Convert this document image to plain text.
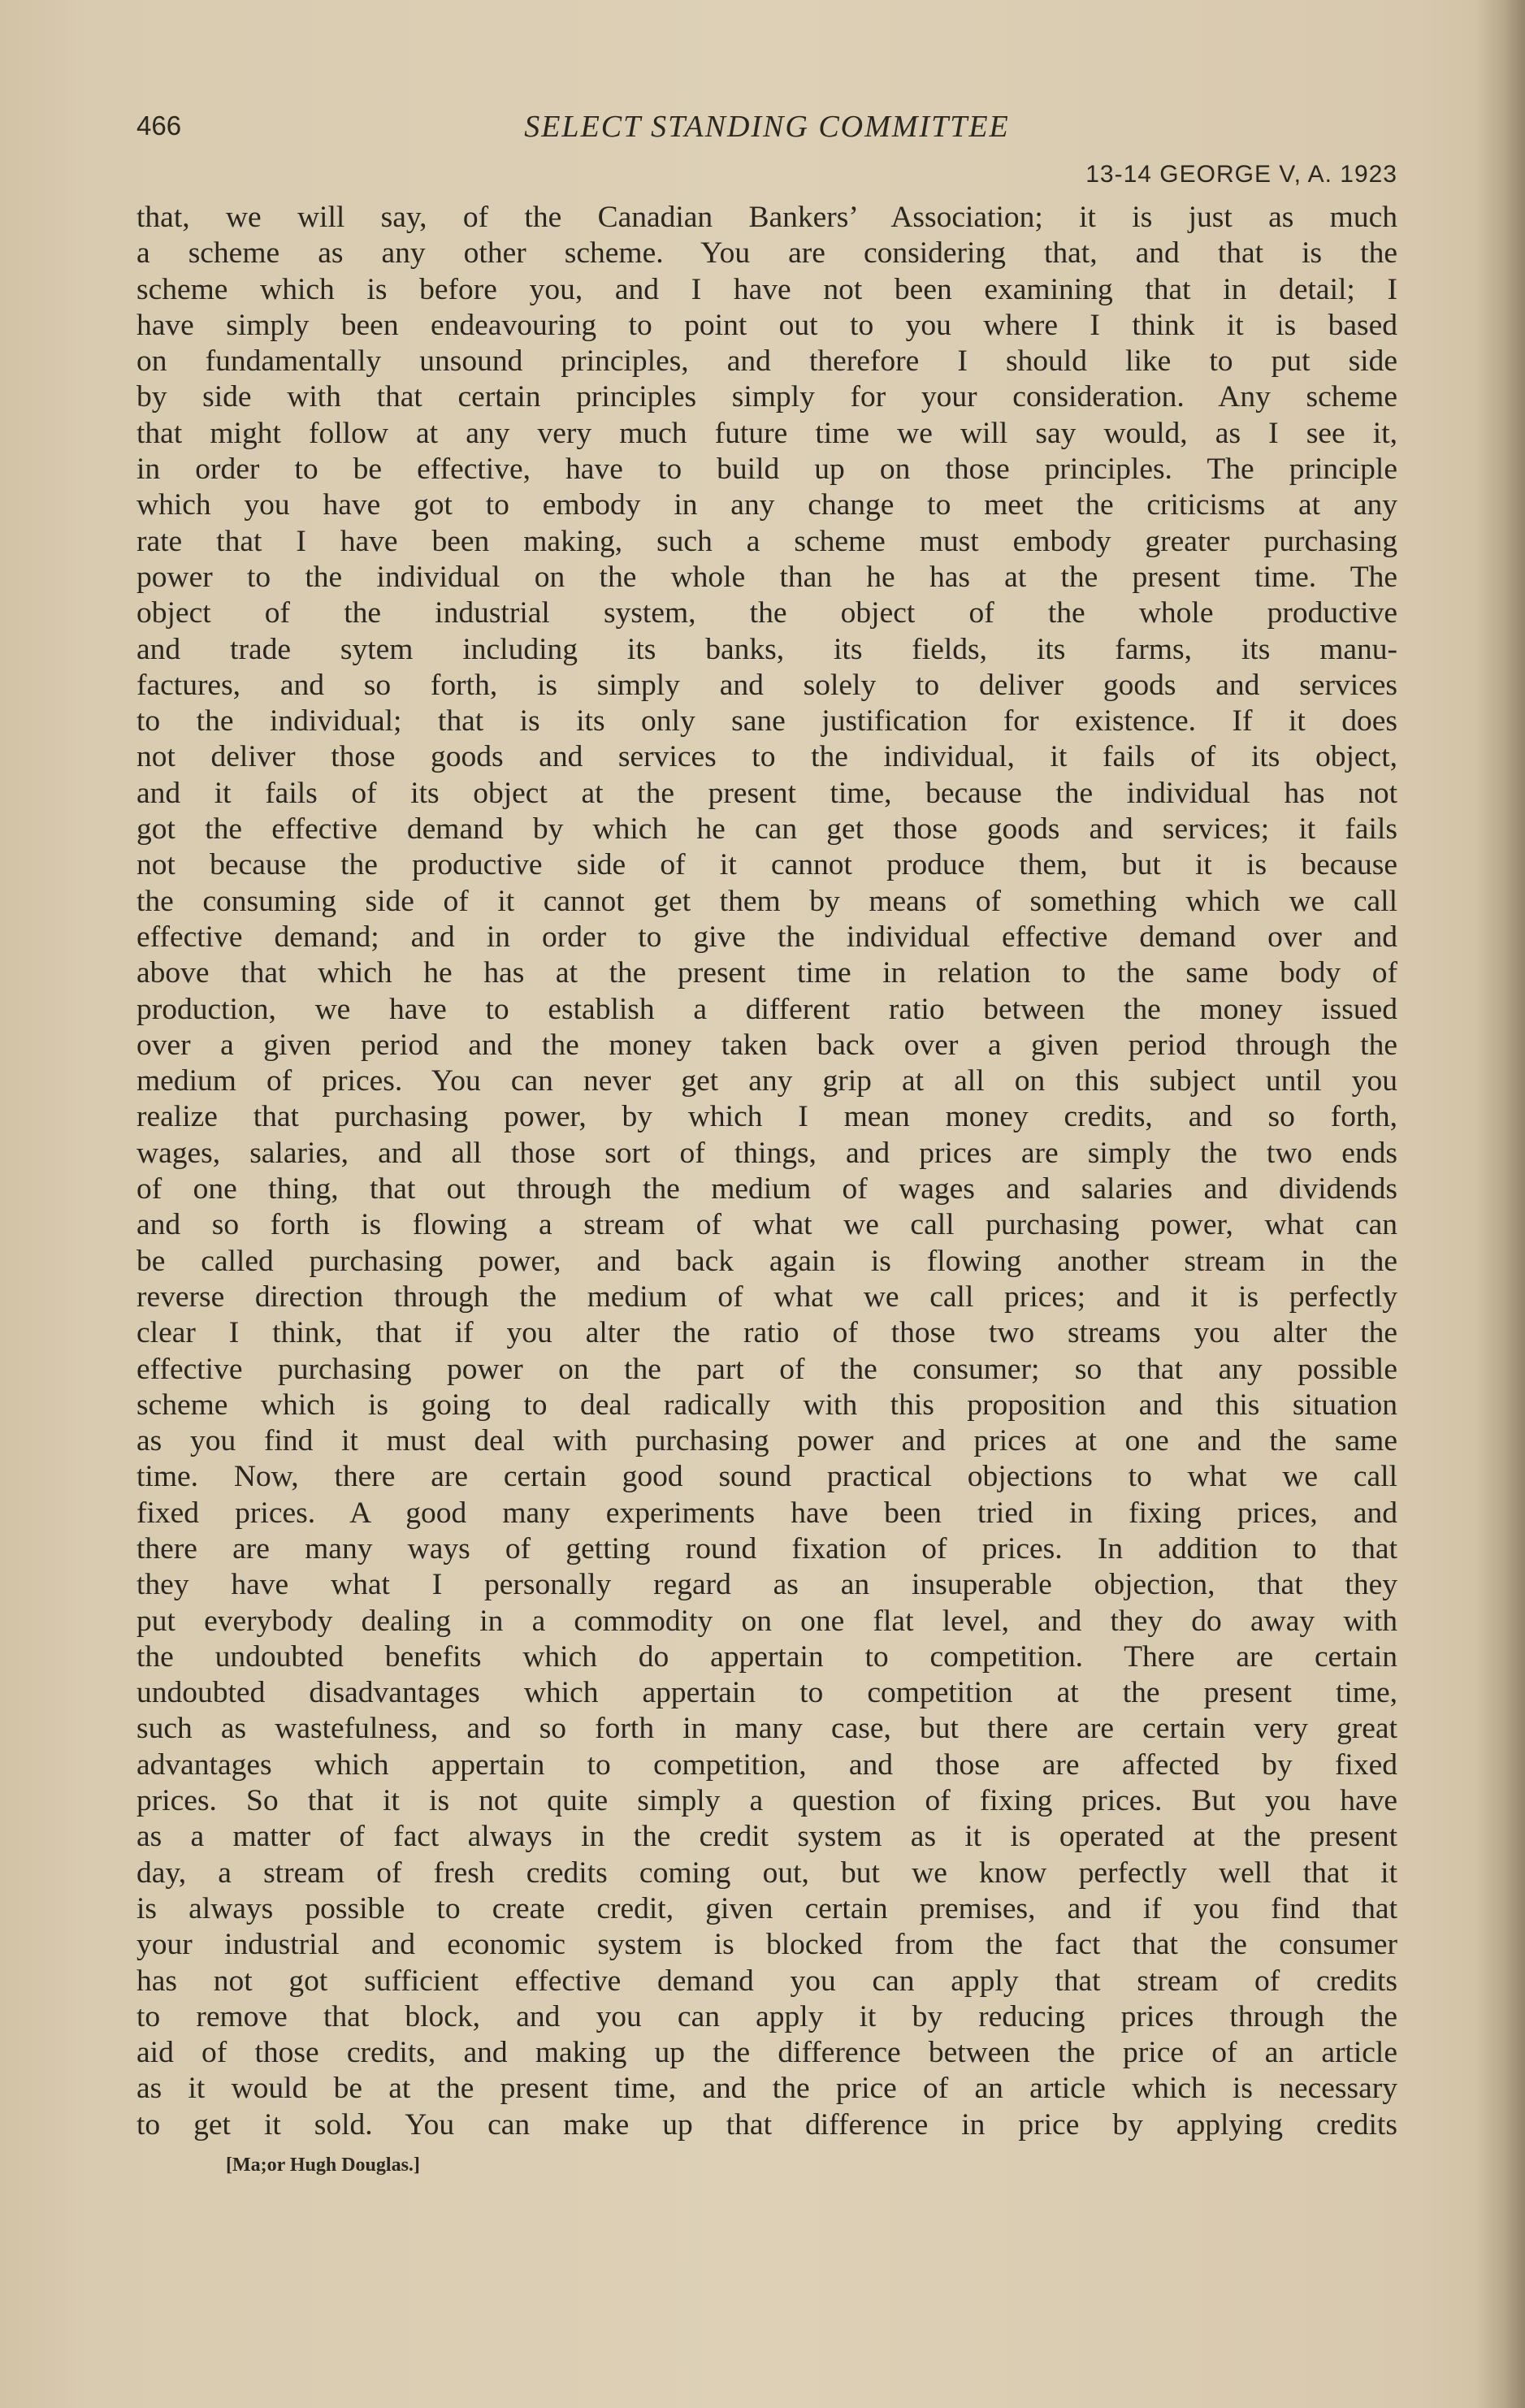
466	SELECT STANDING COMMITTEE
13-14 GEORGE V, A. 1923
that, we will say, of the Canadian Bankers’ Association; it is just as much
a scheme as any other scheme. You are considering that, and that is the
scheme which is before you, and I have not been examining that in detail; I
have simply been endeavouring to point out to you where I think it is based
on fundamentally unsound principles, and therefore I should like to put side
by side with that certain principles simply for your consideration. Any scheme
that might follow at any very much future time we will say would, as I see it,
in order to be effective, have to build up on those principles. The principle
which you have got to embody in any change to meet the criticisms at any
rate that I have been making, such a scheme must embody greater purchasing
power to the individual on the whole than he has at the present time. The
object of the industrial system, the object of the whole productive
and trade sytem including its banks, its fields, its farms, its manu-
factures, and so forth, is simply and solely to deliver goods and services
to the individual; that is its only sane justification for existence. If it does
not deliver those goods and services to the individual, it fails of its object,
and it fails of its object at the present time, because the individual has not
got the effective demand by which he can get those goods and services; it fails
not because the productive side of it cannot produce them, but it is because
the consuming side of it cannot get them by means of something which we call
effective demand; and in order to give the individual effective demand over and
above that which he has at the present time in relation to the same body of
production, we have to establish a different ratio between the money issued
over a given period and the money taken back over a given period through the
medium of prices. You can never get any grip at all on this subject until you
realize that purchasing power, by which I mean money credits, and so forth,
wages, salaries, and all those sort of things, and prices are simply the two ends
of one thing, that out through the medium of wages and salaries and dividends
and so forth is flowing a stream of what we call purchasing power, what can
be called purchasing power, and back again is flowing another stream in the
reverse direction through the medium of what we call prices; and it is perfectly
clear I think, that if you alter the ratio of those two streams you alter the
effective purchasing power on the part of the consumer; so that any possible
scheme which is going to deal radically with this proposition and this situation
as you find it must deal with purchasing power and prices at one and the same
time. Now, there are certain good sound practical objections to what we call
fixed prices. A good many experiments have been tried in fixing prices, and
there are many ways of getting round fixation of prices. In addition to that
they have what I personally regard as an insuperable objection, that they
put everybody dealing in a commodity on one flat level, and they do away with
the undoubted benefits which do appertain to competition. There are certain
undoubted disadvantages which appertain to competition at the present time,
such as wastefulness, and so forth in many case, but there are certain very great
advantages which appertain to competition, and those are affected by fixed
prices. So that it is not quite simply a question of fixing prices. But you have
as a matter of fact always in the credit system as it is operated at the present
day, a stream of fresh credits coming out, but we know perfectly well that it
is always possible to create credit, given certain premises, and if you find that
your industrial and economic system is blocked from the fact that the consumer
has not got sufficient effective demand you can apply that stream of credits
to remove that block, and you can apply it by reducing prices through the
aid of those credits, and making up the difference between the price of an article
as it would be at the present time, and the price of an article which is necessary
to get it sold. You can make up that difference in price by applying credits
[Ma;or Hugh Douglas.]
